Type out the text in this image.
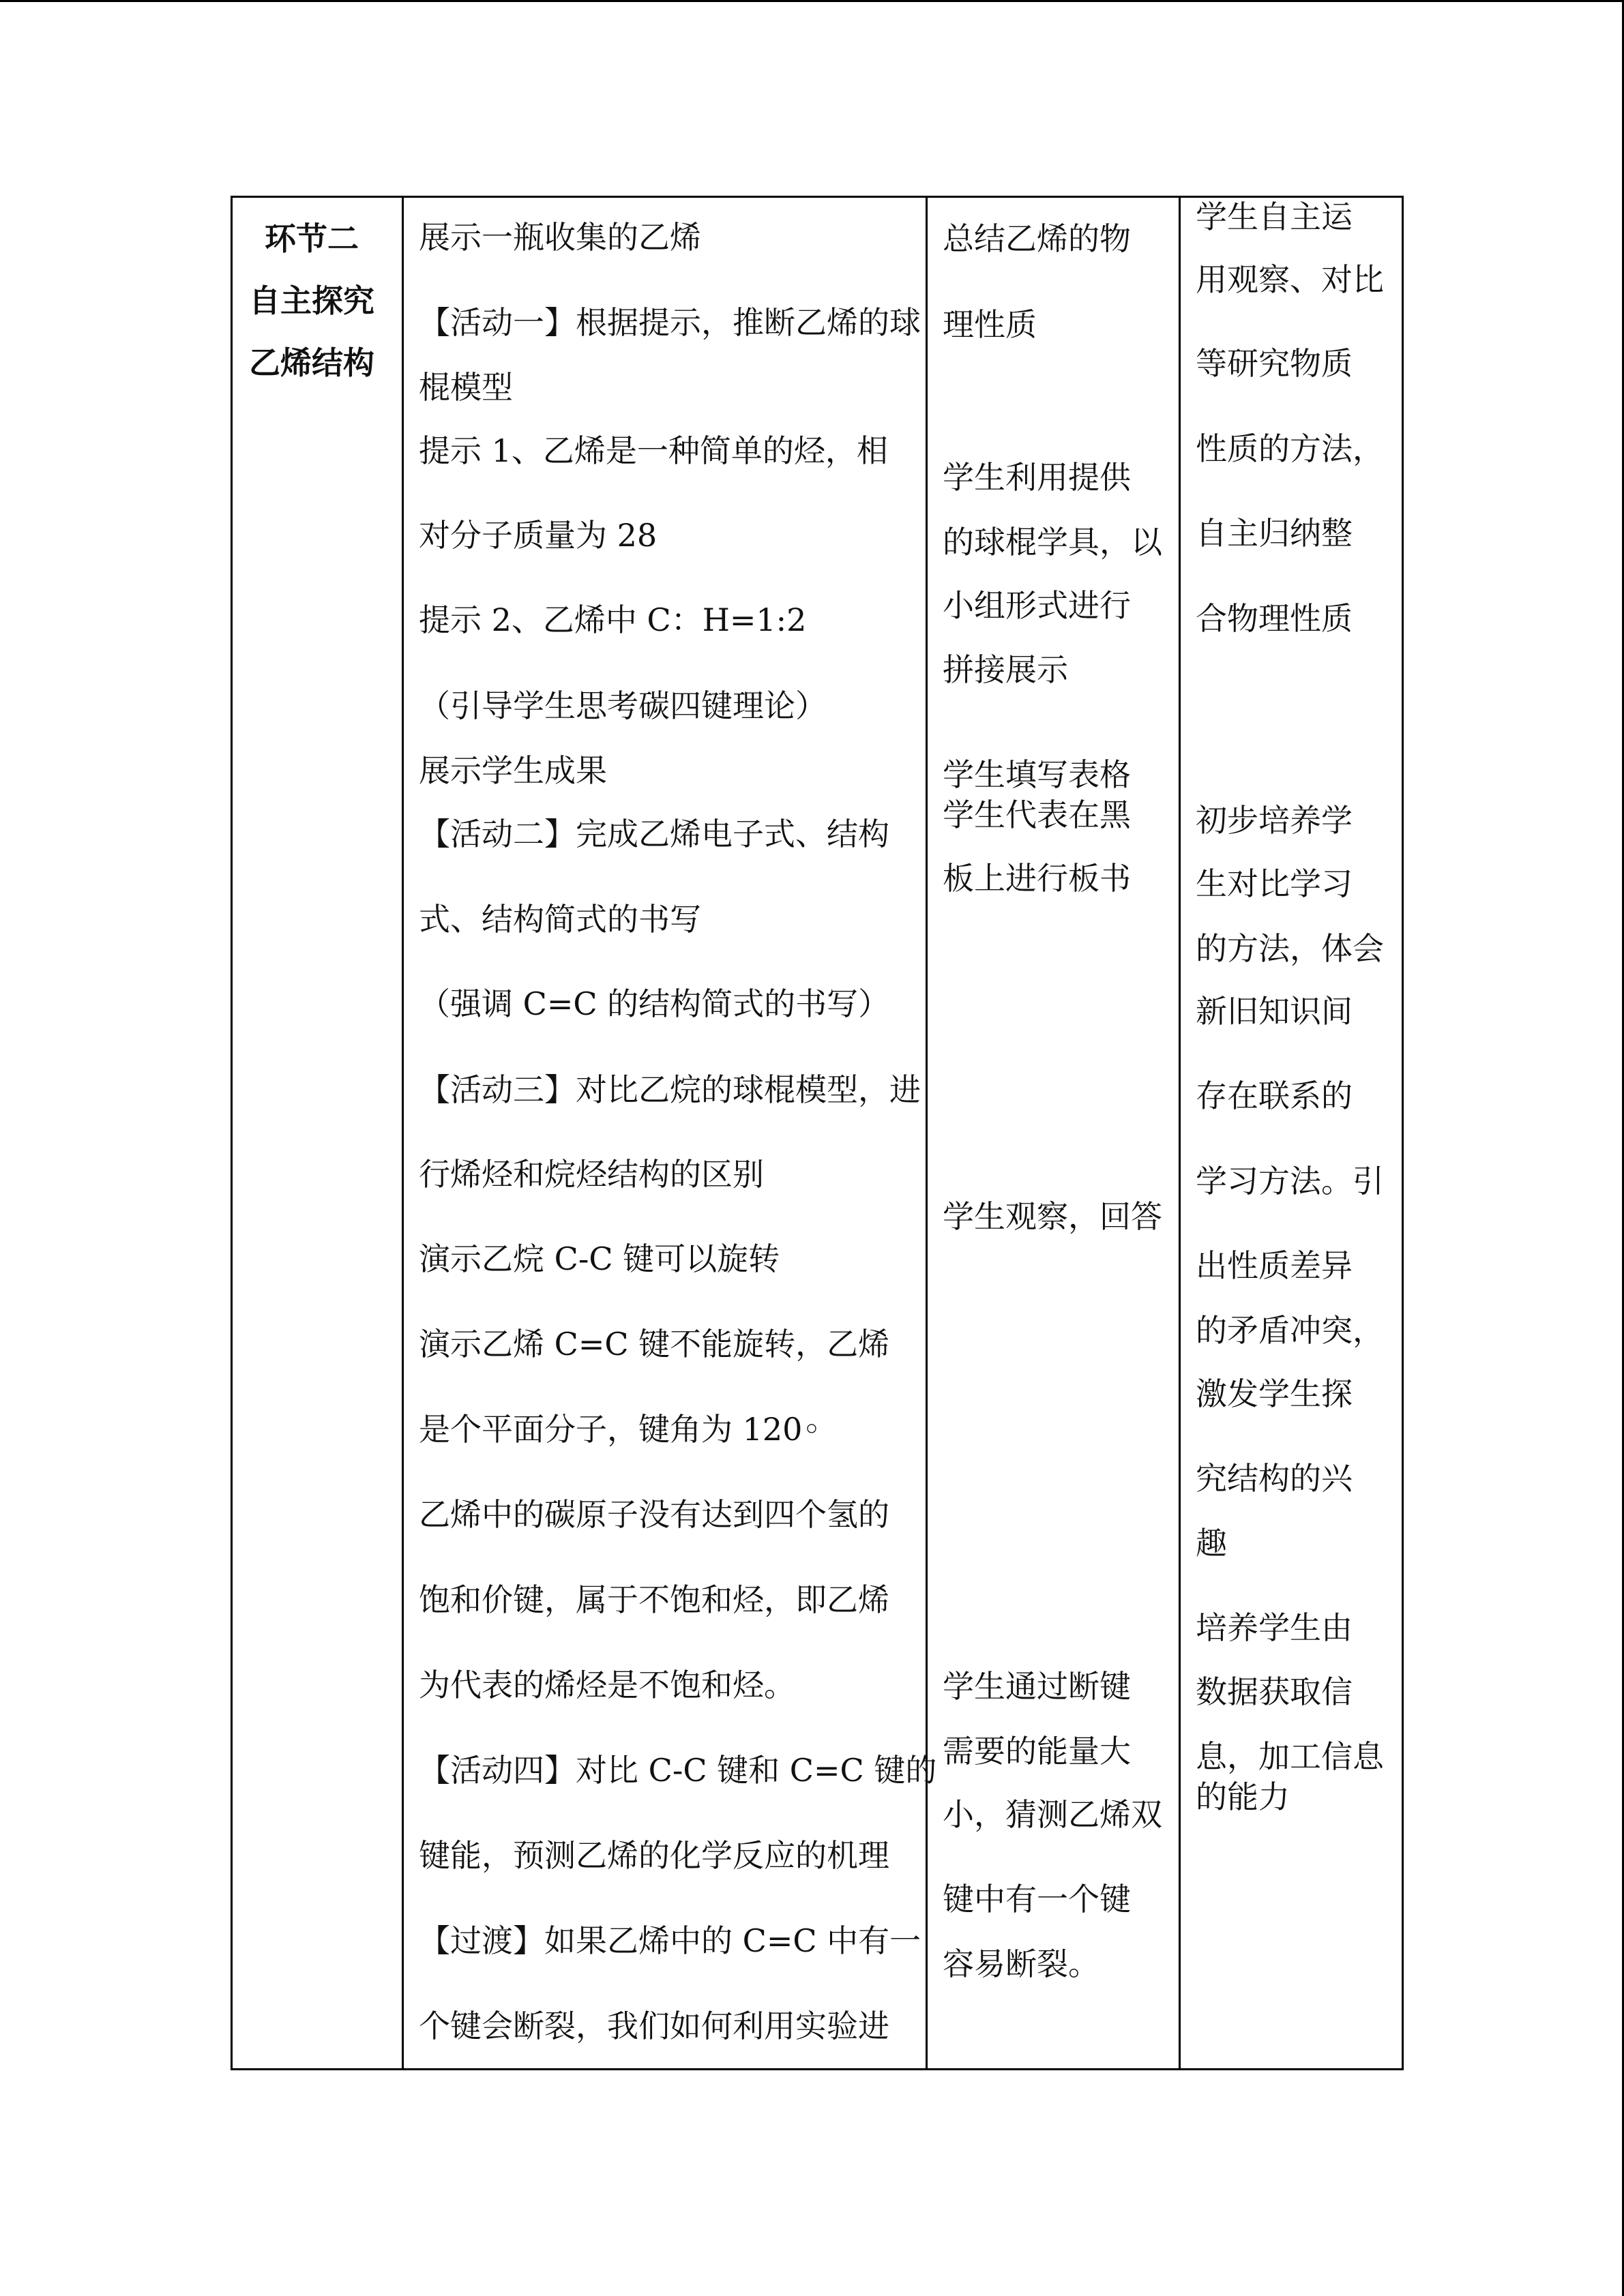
环节二
自主探究
乙烯结构

展示一瓶收集的乙烯
【活动一】根据提示，推断乙烯的球
棍模型
提示 1、乙烯是一种简单的烃，相
对分子质量为 28
提示 2、乙烯中 C：H=1:2
（引导学生思考碳四键理论）
展示学生成果
【活动二】完成乙烯电子式、结构
式、结构简式的书写
（强调 C=C 的结构简式的书写）
【活动三】对比乙烷的球棍模型，进
行烯烃和烷烃结构的区别
演示乙烷 C-C 键可以旋转
演示乙烯 C=C 键不能旋转，乙烯
是个平面分子，键角为 120◦
乙烯中的碳原子没有达到四个氢的
饱和价键，属于不饱和烃，即乙烯
为代表的烯烃是不饱和烃。
【活动四】对比 C-C 键和 C=C 键的
键能，预测乙烯的化学反应的机理
【过渡】如果乙烯中的 C=C 中有一
个键会断裂，我们如何利用实验进

总结乙烯的物
理性质
学生利用提供
的球棍学具，以
小组形式进行
拼接展示
学生填写表格
学生代表在黑
板上进行板书
学生观察，回答
学生通过断键
需要的能量大
小，猜测乙烯双
键中有一个键
容易断裂。

学生自主运
用观察、对比
等研究物质
性质的方法，
自主归纳整
合物理性质
初步培养学
生对比学习
的方法，体会
新旧知识间
存在联系的
学习方法。引
出性质差异
的矛盾冲突，
激发学生探
究结构的兴
趣
培养学生由
数据获取信
息，加工信息
的能力
